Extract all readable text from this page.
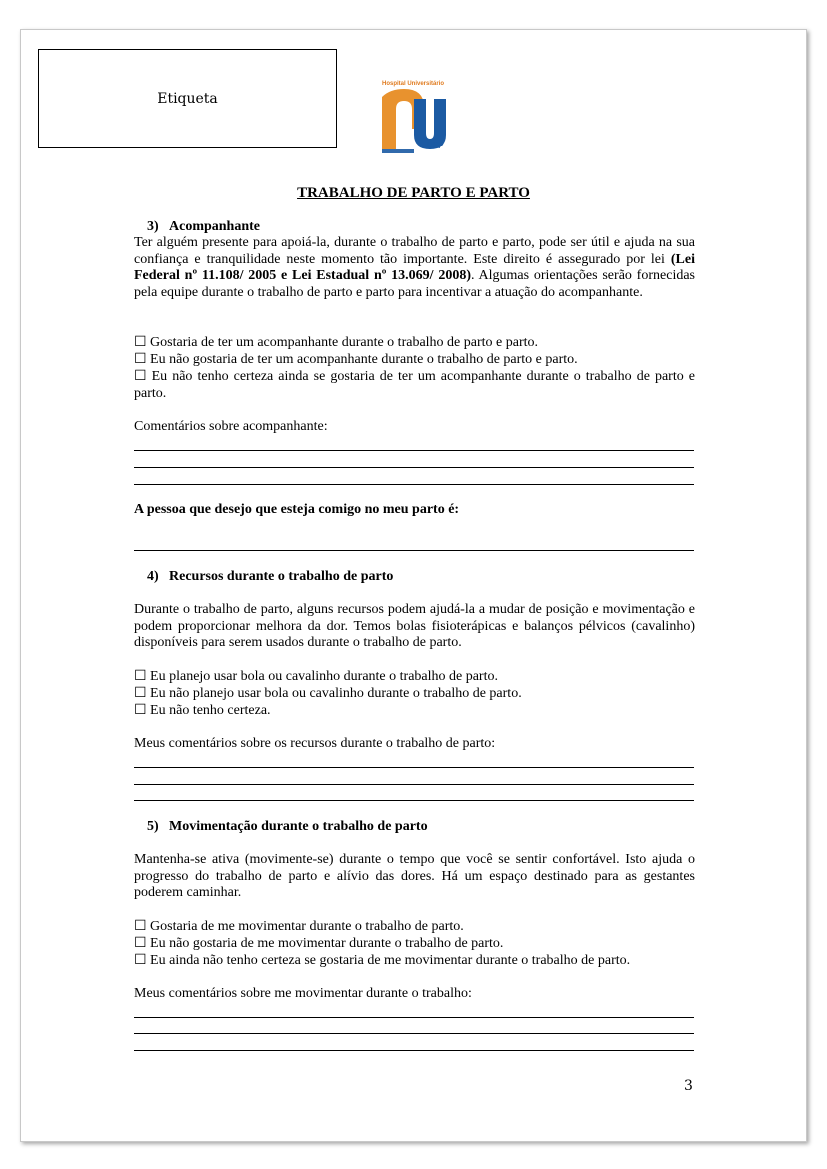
Etiqueta
Hospital Universitário
USP
TRABALHO DE PARTO E PARTO
3) Acompanhante
Ter alguém presente para apoiá-la, durante o trabalho de parto e parto, pode ser útil e ajuda na sua confiança e tranquilidade neste momento tão importante. Este direito é assegurado por lei (Lei Federal nº 11.108/ 2005 e Lei Estadual nº 13.069/ 2008). Algumas orientações serão fornecidas pela equipe durante o trabalho de parto e parto para incentivar a atuação do acompanhante.
☐ Gostaria de ter um acompanhante durante o trabalho de parto e parto.
☐ Eu não gostaria de ter um acompanhante durante o trabalho de parto e parto.
☐ Eu não tenho certeza ainda se gostaria de ter um acompanhante durante o trabalho de parto e parto.
Comentários sobre acompanhante:
A pessoa que desejo que esteja comigo no meu parto é:
4) Recursos durante o trabalho de parto
Durante o trabalho de parto, alguns recursos podem ajudá-la a mudar de posição e movimentação e podem proporcionar melhora da dor. Temos bolas fisioterápicas e balanços pélvicos (cavalinho) disponíveis para serem usados durante o trabalho de parto.
☐ Eu planejo usar bola ou cavalinho durante o trabalho de parto.
☐ Eu não planejo usar bola ou cavalinho durante o trabalho de parto.
☐ Eu não tenho certeza.
Meus comentários sobre os recursos durante o trabalho de parto:
5) Movimentação durante o trabalho de parto
Mantenha-se ativa (movimente-se) durante o tempo que você se sentir confortável. Isto ajuda o progresso do trabalho de parto e alívio das dores. Há um espaço destinado para as gestantes poderem caminhar.
☐ Gostaria de me movimentar durante o trabalho de parto.
☐ Eu não gostaria de me movimentar durante o trabalho de parto.
☐ Eu ainda não tenho certeza se gostaria de me movimentar durante o trabalho de parto.
Meus comentários sobre me movimentar durante o trabalho:
3
